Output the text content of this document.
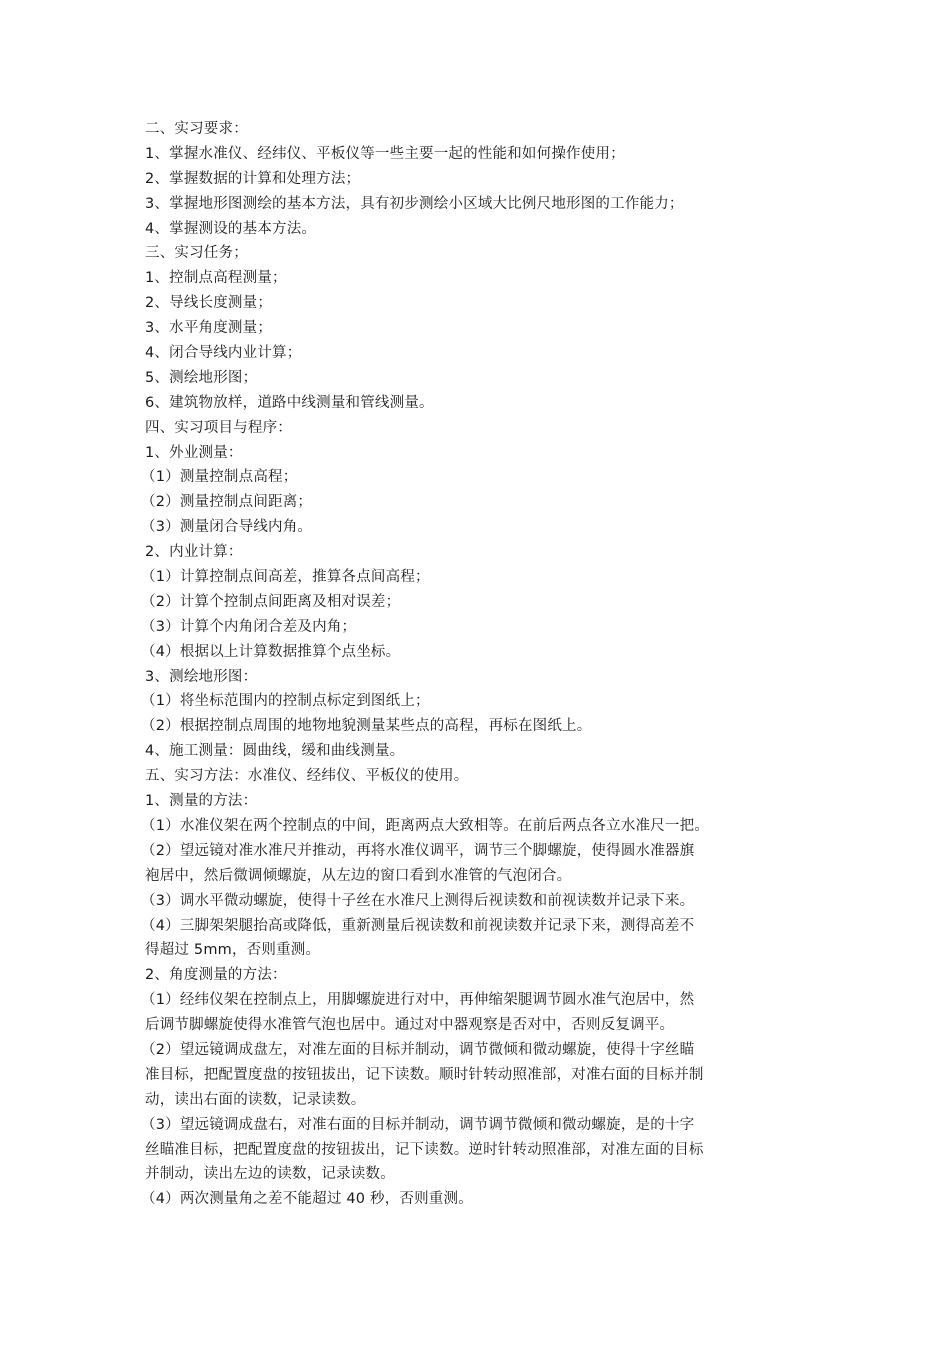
二、实习要求：
1、掌握水准仪、经纬仪、平板仪等一些主要一起的性能和如何操作使用；
2、掌握数据的计算和处理方法；
3、掌握地形图测绘的基本方法，具有初步测绘小区域大比例尺地形图的工作能力；
4、掌握测设的基本方法。
三、实习任务；
1、控制点高程测量；
2、导线长度测量；
3、水平角度测量；
4、闭合导线内业计算；
5、测绘地形图；
6、建筑物放样，道路中线测量和管线测量。
四、实习项目与程序：
1、外业测量：
（1）测量控制点高程；
（2）测量控制点间距离；
（3）测量闭合导线内角。
2、内业计算：
（1）计算控制点间高差，推算各点间高程；
（2）计算个控制点间距离及相对误差；
（3）计算个内角闭合差及内角；
（4）根据以上计算数据推算个点坐标。
3、测绘地形图：
（1）将坐标范围内的控制点标定到图纸上；
（2）根据控制点周围的地物地貌测量某些点的高程，再标在图纸上。
4、施工测量：圆曲线，缓和曲线测量。
五、实习方法：水准仪、经纬仪、平板仪的使用。
1、测量的方法：
（1）水准仪架在两个控制点的中间，距离两点大致相等。在前后两点各立水准尺一把。
（2）望远镜对准水准尺并推动，再将水准仪调平，调节三个脚螺旋，使得圆水准器旗
袍居中，然后微调倾螺旋，从左边的窗口看到水准管的气泡闭合。
（3）调水平微动螺旋，使得十子丝在水准尺上测得后视读数和前视读数并记录下来。
（4）三脚架架腿抬高或降低，重新测量后视读数和前视读数并记录下来，测得高差不
得超过 5mm，否则重测。
2、角度测量的方法：
（1）经纬仪架在控制点上，用脚螺旋进行对中，再伸缩架腿调节圆水准气泡居中，然
后调节脚螺旋使得水准管气泡也居中。通过对中器观察是否对中，否则反复调平。
（2）望远镜调成盘左，对准左面的目标并制动，调节微倾和微动螺旋，使得十字丝瞄
准目标，把配置度盘的按钮拔出，记下读数。顺时针转动照准部，对准右面的目标并制
动，读出右面的读数，记录读数。
（3）望远镜调成盘右，对准右面的目标并制动，调节调节微倾和微动螺旋，是的十字
丝瞄准目标，把配置度盘的按钮拔出，记下读数。逆时针转动照准部，对准左面的目标
并制动，读出左边的读数，记录读数。
（4）两次测量角之差不能超过 40 秒，否则重测。
